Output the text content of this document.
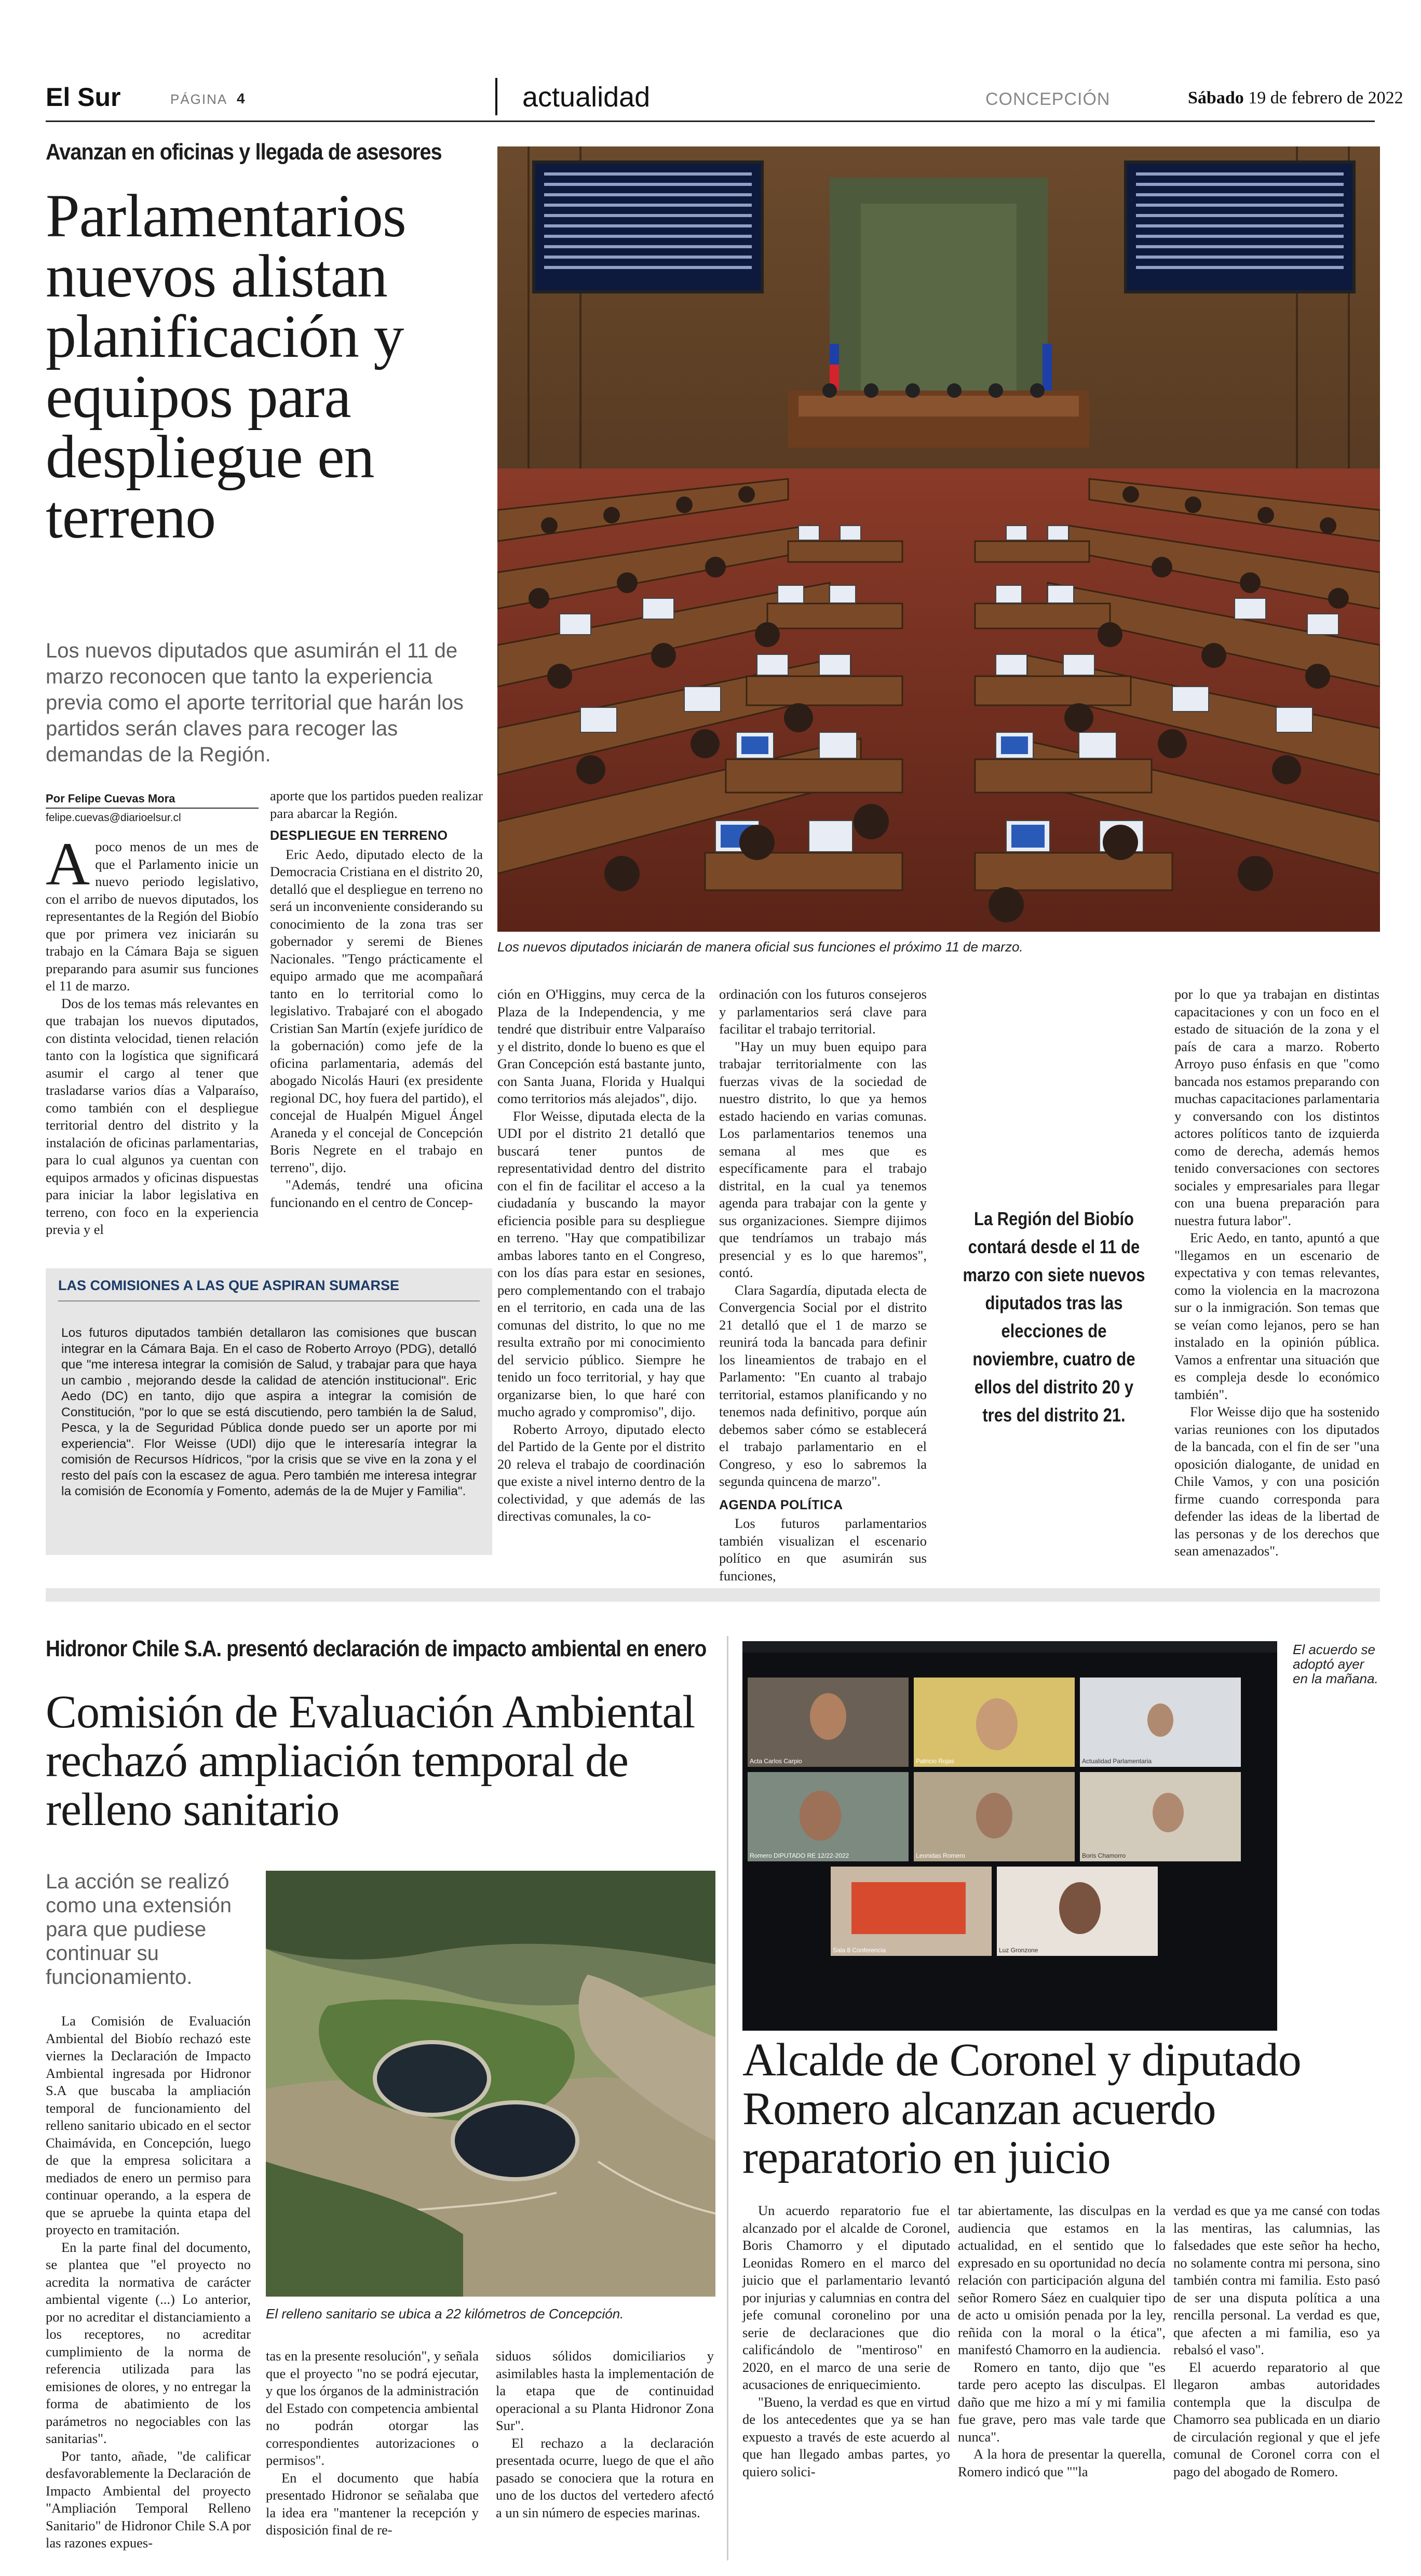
El Sur	PÁGINA 4	actualidad	CONCEPCIÓN	Sábado 19 de febrero de 2022
Avanzan en oficinas y llegada de asesores
Parlamentarios nuevos alistan planificación y equipos para despliegue en terreno
Los nuevos diputados que asumirán el 11 de marzo reconocen que tanto la experiencia previa como el aporte territorial que harán los partidos serán claves para recoger las demandas de la Región.
Por Felipe Cuevas Mora
felipe.cuevas@diarioelsur.cl

Apoco menos de un mes de que el Parlamento inicie un nuevo periodo legislativo, con el arribo de nuevos diputados, los representantes de la Región del Biobío que por primera vez iniciarán su trabajo en la Cámara Baja se siguen preparando para asumir sus funciones el 11 de marzo.

Dos de los temas más relevantes en que trabajan los nuevos diputados, con distinta velocidad, tienen relación tanto con la logística que significará asumir el cargo al tener que trasladarse varios días a Valparaíso, como también con el despliegue territorial dentro del distrito y la instalación de oficinas parlamentarias, para lo cual algunos ya cuentan con equipos armados y oficinas dispuestas para iniciar la labor legislativa en terreno, con foco en la experiencia previa y el

aporte que los partidos pueden realizar para abarcar la Región.

DESPLIEGUE EN TERRENO

Eric Aedo, diputado electo de la Democracia Cristiana en el distrito 20, detalló que el despliegue en terreno no será un inconveniente considerando su conocimiento de la zona tras ser gobernador y seremi de Bienes Nacionales. "Tengo prácticamente el equipo armado que me acompañará tanto en lo territorial como lo legislativo. Trabajaré con el abogado Cristian San Martín (exjefe jurídico de la gobernación) como jefe de la oficina parlamentaria, además del abogado Nicolás Hauri (ex presidente regional DC, hoy fuera del partido), el concejal de Hualpén Miguel Ángel Araneda y el concejal de Concepción Boris Negrete en el trabajo en terreno", dijo.

"Además, tendré una oficina funcionando en el centro de Concep-

LAS COMISIONES A LAS QUE ASPIRAN SUMARSE
Los futuros diputados también detallaron las comisiones que buscan integrar en la Cámara Baja. En el caso de Roberto Arroyo (PDG), detalló que "me interesa integrar la comisión de Salud, y trabajar para que haya un cambio , mejorando desde la calidad de atención institucional". Eric Aedo (DC) en tanto, dijo que aspira a integrar la comisión de Constitución, "por lo que se está discutiendo, pero también la de Salud, Pesca, y la de Seguridad Pública donde puedo ser un aporte por mi experiencia". Flor Weisse (UDI) dijo que le interesaría integrar la comisión de Recursos Hídricos, "por la crisis que se vive en la zona y el resto del país con la escasez de agua. Pero también me interesa integrar la comisión de Economía y Fomento, además de la de Mujer y Familia".
Los nuevos diputados iniciarán de manera oficial sus funciones el próximo 11 de marzo.

ción en O'Higgins, muy cerca de la Plaza de la Independencia, y me tendré que distribuir entre Valparaíso y el distrito, donde lo bueno es que el Gran Concepción está bastante junto, con Santa Juana, Florida y Hualqui como territorios más alejados", dijo.

Flor Weisse, diputada electa de la UDI por el distrito 21 detalló que buscará tener puntos de representatividad dentro del distrito con el fin de facilitar el acceso a la ciudadanía y buscando la mayor eficiencia posible para su despliegue en terreno. "Hay que compatibilizar ambas labores tanto en el Congreso, con los días para estar en sesiones, pero complementando con el trabajo en el territorio, en cada una de las comunas del distrito, lo que no me resulta extraño por mi conocimiento del servicio público. Siempre he tenido un foco territorial, y hay que organizarse bien, lo que haré con mucho agrado y compromiso", dijo.

Roberto Arroyo, diputado electo del Partido de la Gente por el distrito 20 releva el trabajo de coordinación que existe a nivel interno dentro de la colectividad, y que además de las directivas comunales, la co-

ordinación con los futuros consejeros y parlamentarios será clave para facilitar el trabajo territorial.

"Hay un muy buen equipo para trabajar territorialmente con las fuerzas vivas de la sociedad de nuestro distrito, lo que ya hemos estado haciendo en varias comunas. Los parlamentarios tenemos una semana al mes que es específicamente para el trabajo distrital, en la cual ya tenemos agenda para trabajar con la gente y sus organizaciones. Siempre dijimos que tendríamos un trabajo más presencial y es lo que haremos", contó.

Clara Sagardía, diputada electa de Convergencia Social por el distrito 21 detalló que el 1 de marzo se reunirá toda la bancada para definir los lineamientos de trabajo en el Parlamento: "En cuanto al trabajo territorial, estamos planificando y no tenemos nada definitivo, porque aún debemos saber cómo se establecerá el trabajo parlamentario en el Congreso, y eso lo sabremos la segunda quincena de marzo".

AGENDA POLÍTICA

Los futuros parlamentarios también visualizan el escenario político en que asumirán sus funciones,

La Región del Biobío contará desde el 11 de marzo con siete nuevos diputados tras las elecciones de noviembre, cuatro de ellos del distrito 20 y tres del distrito 21.

por lo que ya trabajan en distintas capacitaciones y con un foco en el estado de situación de la zona y el país de cara a marzo. Roberto Arroyo puso énfasis en que "como bancada nos estamos preparando con muchas capacitaciones parlamentaria y conversando con los distintos actores políticos tanto de izquierda como de derecha, además hemos tenido conversaciones con sectores sociales y empresariales para llegar con una buena preparación para nuestra futura labor".

Eric Aedo, en tanto, apuntó a que "llegamos en un escenario de expectativa y con temas relevantes, como la violencia en la macrozona sur o la inmigración. Son temas que se veían como lejanos, pero se han instalado en la opinión pública. Vamos a enfrentar una situación que es compleja desde lo económico también".

Flor Weisse dijo que ha sostenido varias reuniones con los diputados de la bancada, con el fin de ser "una oposición dialogante, de unidad en Chile Vamos, y con una posición firme cuando corresponda para defender las ideas de la libertad de las personas y de los derechos que sean amenazados".

Hidronor Chile S.A. presentó declaración de impacto ambiental en enero
Comisión de Evaluación Ambiental rechazó ampliación temporal de relleno sanitario
La acción se realizó como una extensión para que pudiese continuar su funcionamiento.

La Comisión de Evaluación Ambiental del Biobío rechazó este viernes la Declaración de Impacto Ambiental ingresada por Hidronor S.A que buscaba la ampliación temporal de funcionamiento del relleno sanitario ubicado en el sector Chaimávida, en Concepción, luego de que la empresa solicitara a mediados de enero un permiso para continuar operando, a la espera de que se apruebe la quinta etapa del proyecto en tramitación.

En la parte final del documento, se plantea que "el proyecto no acredita la normativa de carácter ambiental vigente (...) Lo anterior, por no acreditar el distanciamiento a los receptores, no acreditar cumplimiento de la norma de referencia utilizada para las emisiones de olores, y no entregar la forma de abatimiento de los parámetros no negociables con las sanitarias".

Por tanto, añade, "de calificar desfavorablemente la Declaración de Impacto Ambiental del proyecto "Ampliación Temporal Relleno Sanitario" de Hidronor Chile S.A por las razones expues-

El relleno sanitario se ubica a 22 kilómetros de Concepción.

tas en la presente resolución", y señala que el proyecto "no se podrá ejecutar, y que los órganos de la administración del Estado con competencia ambiental no podrán otorgar las correspondientes autorizaciones o permisos".

En el documento que había presentado Hidronor se señalaba que la idea era "mantener la recepción y disposición final de re-

siduos sólidos domiciliarios y asimilables hasta la implementación de la etapa que de continuidad operacional a su Planta Hidronor Zona Sur".

El rechazo a la declaración presentada ocurre, luego de que el año pasado se conociera que la rotura en uno de los ductos del vertedero afectó a un sin número de especies marinas.

Acta Carlos Carpio	Patricio Rojas	Actualidad Parlamentaria
Romero DIPUTADO RE 12/22-2022	Leonidas Romero	Boris Chamorro
Sala 8 Conferencia	Luz Gronzone
El acuerdo se adoptó ayer en la mañana.
Alcalde de Coronel y diputado Romero alcanzan acuerdo reparatorio en juicio

Un acuerdo reparatorio fue el alcanzado por el alcalde de Coronel, Boris Chamorro y el diputado Leonidas Romero en el marco del juicio que el parlamentario levantó por injurias y calumnias en contra del jefe comunal coronelino por una serie de declaraciones que dio calificándolo de "mentiroso" en 2020, en el marco de una serie de acusaciones de enriquecimiento.

"Bueno, la verdad es que en virtud de los antecedentes que ya se han expuesto a través de este acuerdo al que han llegado ambas partes, yo quiero solici-

tar abiertamente, las disculpas en la audiencia que estamos en la actualidad, en el sentido que lo expresado en su oportunidad no decía relación con participación alguna del señor Romero Sáez en cualquier tipo de acto u omisión penada por la ley, reñida con la moral o la ética", manifestó Chamorro en la audiencia.

Romero en tanto, dijo que "es tarde pero acepto las disculpas. El daño que me hizo a mí y mi familia fue grave, pero mas vale tarde que nunca".

A la hora de presentar la querella, Romero indicó que ""la

verdad es que ya me cansé con todas las mentiras, las calumnias, las falsedades que este señor ha hecho, no solamente contra mi persona, sino también contra mi familia. Esto pasó de ser una disputa política a una rencilla personal. La verdad es que, que afecten a mi familia, eso ya rebalsó el vaso".

El acuerdo reparatorio al que llegaron ambas autoridades contempla que la disculpa de Chamorro sea publicada en un diario de circulación regional y que el jefe comunal de Coronel corra con el pago del abogado de Romero.
